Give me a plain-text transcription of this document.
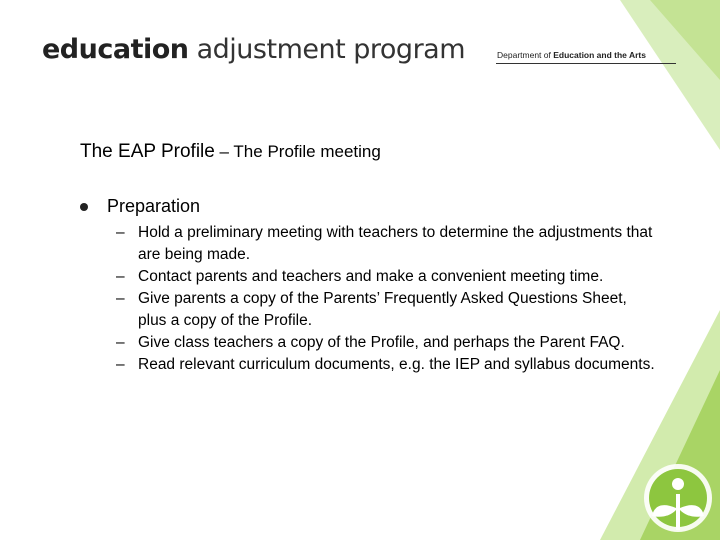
education adjustment program	Department of Education and the Arts
The EAP Profile – The Profile meeting
Preparation
– Hold a preliminary meeting with teachers to determine the adjustments that are being made.
– Contact parents and teachers and make a convenient meeting time.
– Give parents a copy of the Parents’ Frequently Asked Questions Sheet, plus a copy of the Profile.
– Give class teachers a copy of the Profile, and perhaps the Parent FAQ.
– Read relevant curriculum documents, e.g. the IEP and syllabus documents.
